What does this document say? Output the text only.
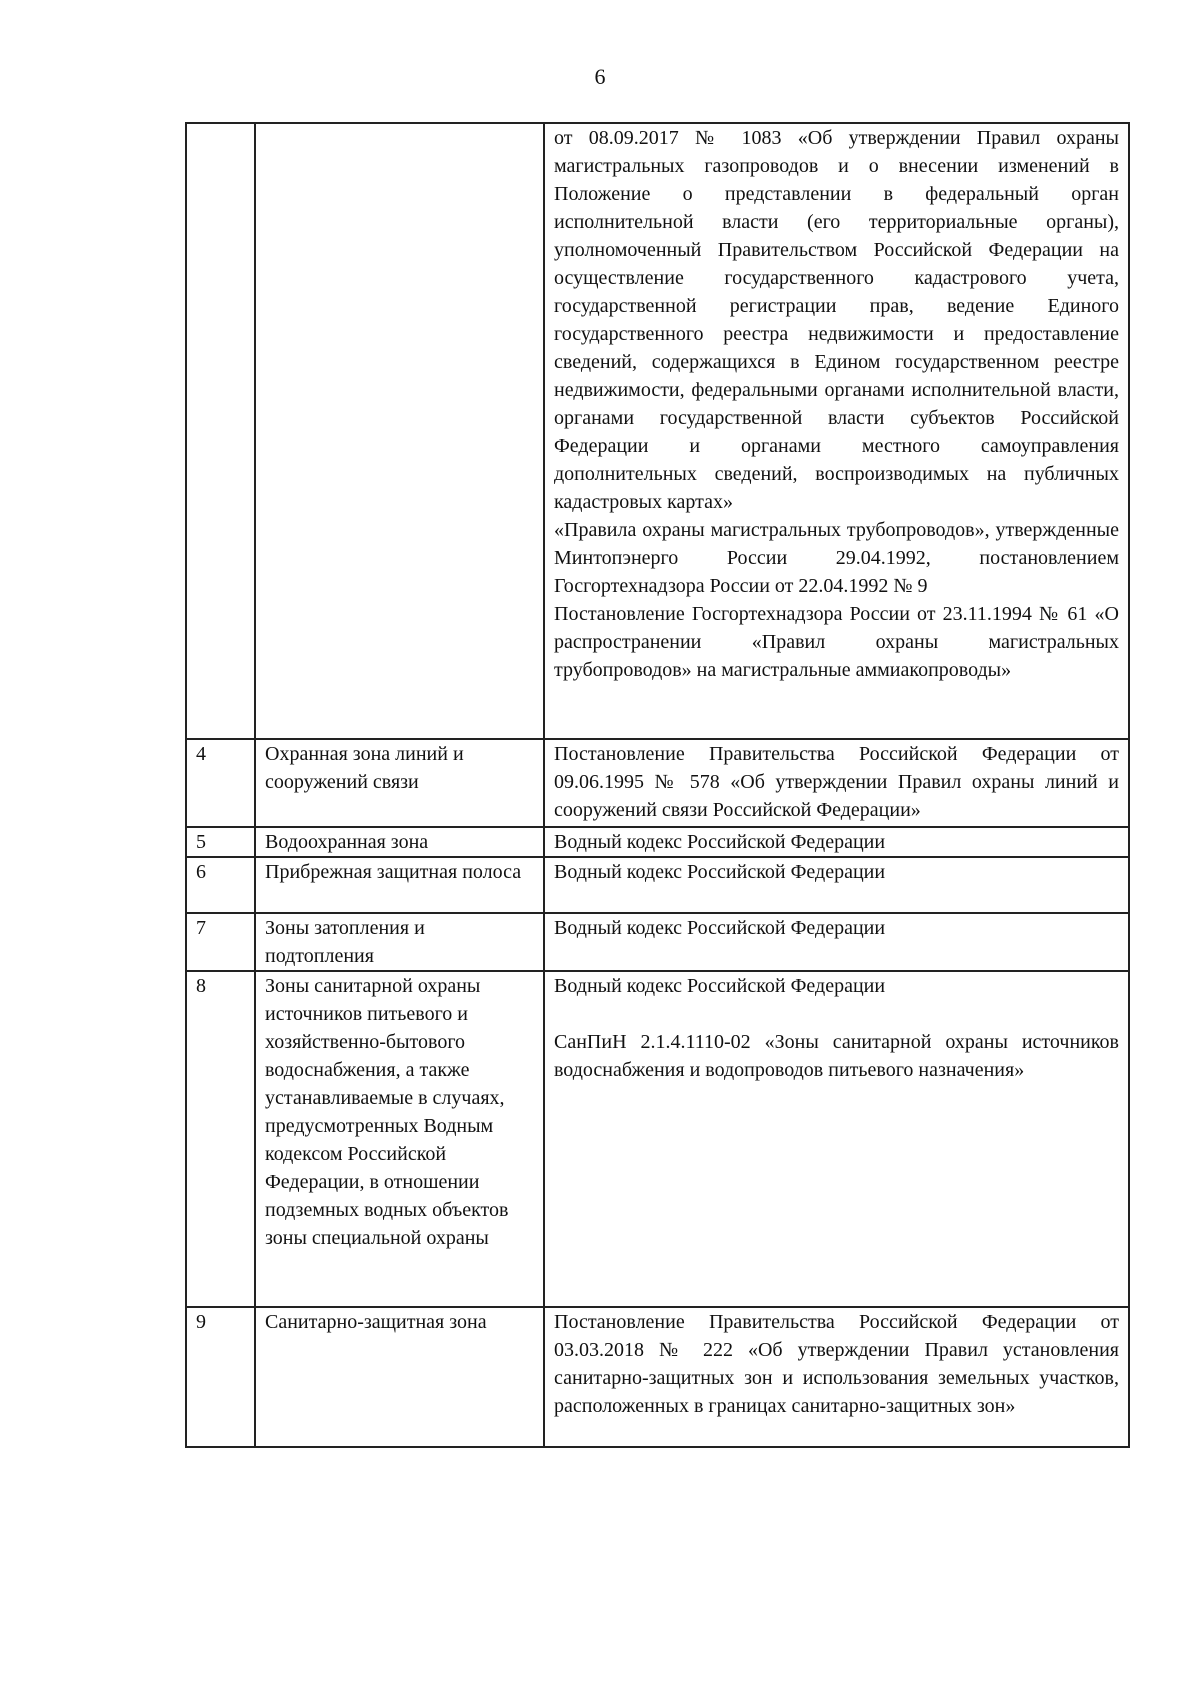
6

		от 08.09.2017 № 1083 «Об утверждении Правил охраны магистральных газопроводов и о внесении изменений в Положение о представлении в федеральный орган исполнительной власти (его территориальные органы), уполномоченный Правительством Российской Федерации на осуществление государственного кадастрового учета, государственной регистрации прав, ведение Единого государственного реестра недвижимости и предоставление сведений, содержащихся в Едином государственном реестре недвижимости, федеральными органами исполнительной власти, органами государственной власти субъектов Российской Федерации и органами местного самоуправления дополнительных сведений, воспроизводимых на публичных кадастровых картах»
«Правила охраны магистральных трубопроводов», утвержденные Минтопэнерго России 29.04.1992, постановлением Госгортехнадзора России от 22.04.1992 № 9
Постановление Госгортехнадзора России от 23.11.1994 № 61 «О распространении «Правил охраны магистральных трубопроводов» на магистральные аммиакопроводы»

4	Охранная зона линий и сооружений связи	Постановление Правительства Российской Федерации от 09.06.1995 № 578 «Об утверждении Правил охраны линий и сооружений связи Российской Федерации»

5	Водоохранная зона	Водный кодекс Российской Федерации

6	Прибрежная защитная полоса	Водный кодекс Российской Федерации

7	Зоны затопления и подтопления	Водный кодекс Российской Федерации

8	Зоны санитарной охраны источников питьевого и хозяйственно-бытового водоснабжения, а также устанавливаемые в случаях, предусмотренных Водным кодексом Российской Федерации, в отношении подземных водных объектов зоны специальной охраны	Водный кодекс Российской Федерации
СанПиН 2.1.4.1110-02 «Зоны санитарной охраны источников водоснабжения и водопроводов питьевого назначения»

9	Санитарно-защитная зона	Постановление Правительства Российской Федерации от 03.03.2018 № 222 «Об утверждении Правил установления санитарно-защитных зон и использования земельных участков, расположенных в границах санитарно-защитных зон»
